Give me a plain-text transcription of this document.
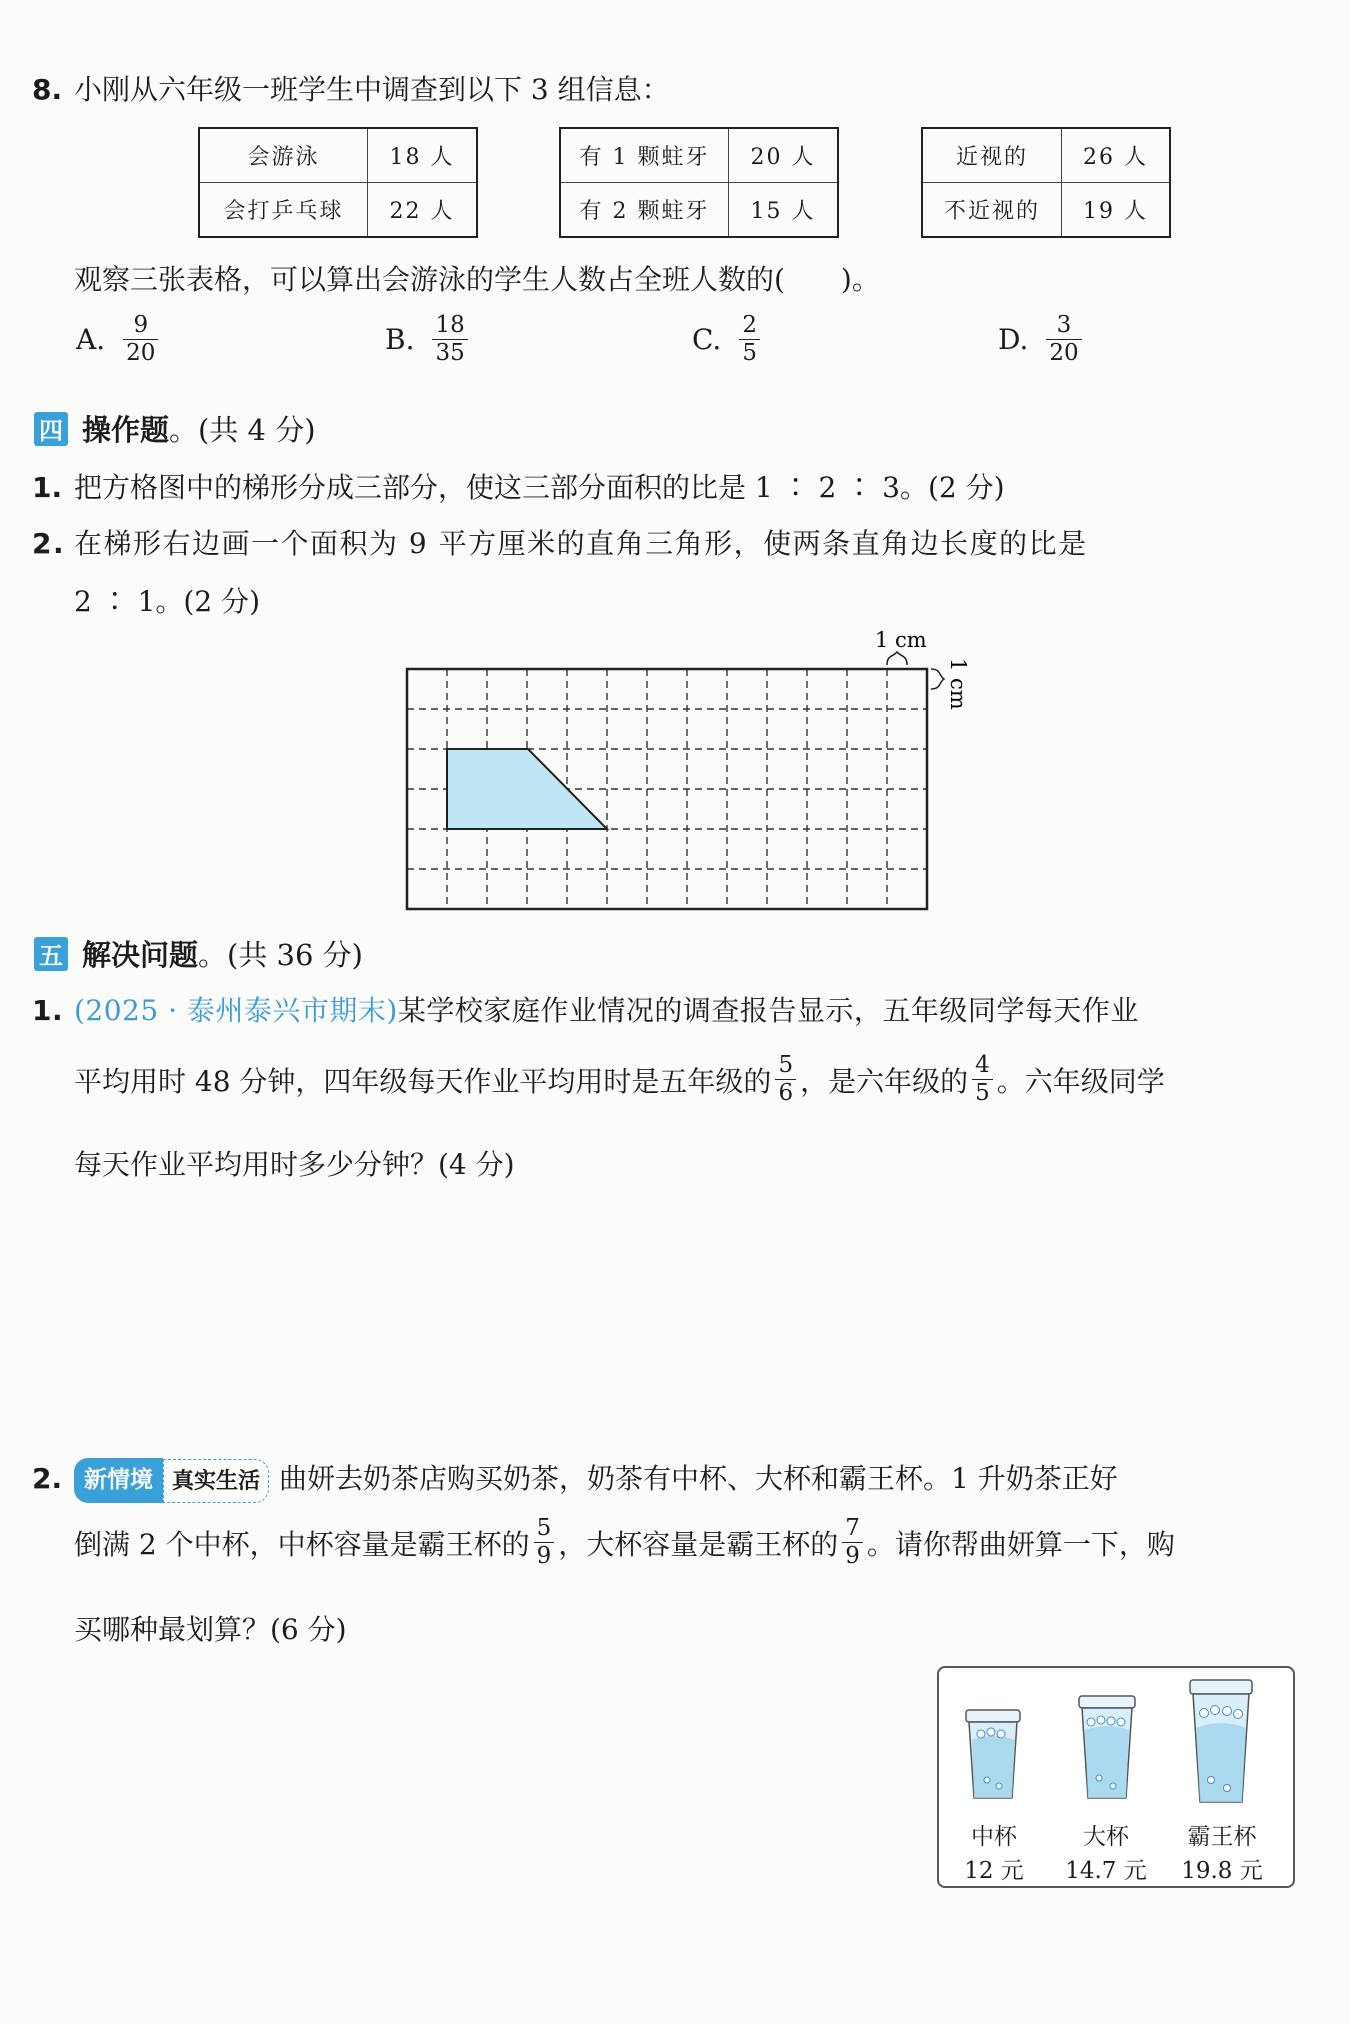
8. 小刚从六年级一班学生中调查到以下 3 组信息：
会游泳	18 人
会打乒乓球	22 人
有 1 颗蛀牙	20 人
有 2 颗蛀牙	15 人
近视的	26 人
不近视的	19 人
观察三张表格，可以算出会游泳的学生人数占全班人数的(　　)。
A. $\frac{9}{20}$	B. $\frac{18}{35}$	C. $\frac{2}{5}$	D. $\frac{3}{20}$
四 操作题 。(共 4 分)
1. 把方格图中的梯形分成三部分，使这三部分面积的比是 1 ∶ 2 ∶ 3。(2 分)
2. 在梯形右边画一个面积为 9 平方厘米的直角三角形，使两条直角边长度的比是
2 ∶ 1。(2 分)
1 cm
1 cm
五 解决问题 。(共 36 分)
1. (2025 · 泰州泰兴市期末)某学校家庭作业情况的调查报告显示，五年级同学每天作业
平均用时 48 分钟，四年级每天作业平均用时是五年级的 $\frac{5}{6}$ ，是六年级的 $\frac{4}{5}$ 。六年级同学
每天作业平均用时多少分钟？(4 分)
2. 新情境 真实生活 曲妍去奶茶店购买奶茶，奶茶有中杯、大杯和霸王杯。1 升奶茶正好
倒满 2 个中杯，中杯容量是霸王杯的 $\frac{5}{9}$ ，大杯容量是霸王杯的 $\frac{7}{9}$ 。请你帮曲妍算一下，购
买哪种最划算？(6 分)
中杯	大杯	霸王杯
12 元	14.7 元	19.8 元
